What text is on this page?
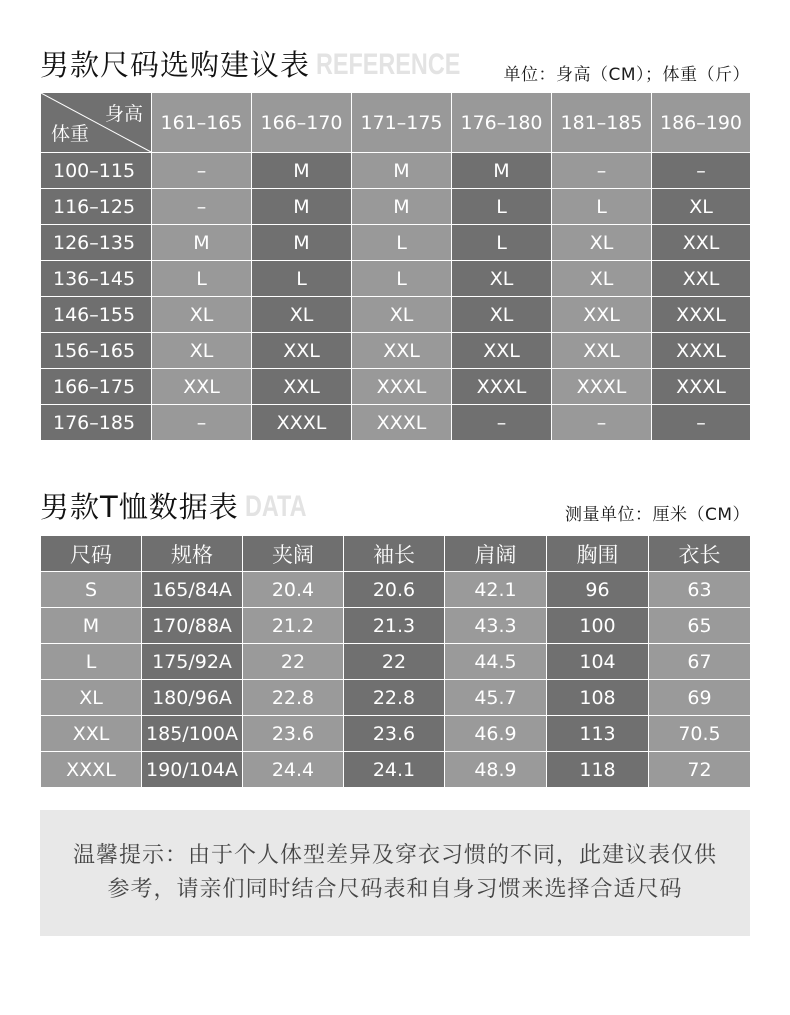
男款尺码选购建议表 REFERENCE	单位：身高（CM）；体重（斤）
身高
体重	161–165	166–170	171–175	176–180	181–185	186–190
100–115	–	M	M	M	–	–
116–125	–	M	M	L	L	XL
126–135	M	M	L	L	XL	XXL
136–145	L	L	L	XL	XL	XXL
146–155	XL	XL	XL	XL	XXL	XXXL
156–165	XL	XXL	XXL	XXL	XXL	XXXL
166–175	XXL	XXL	XXXL	XXXL	XXXL	XXXL
176–185	–	XXXL	XXXL	–	–	–
男款T恤数据表 DATA	测量单位：厘米（CM）
尺码	规格	夹阔	袖长	肩阔	胸围	衣长
S	165/84A	20.4	20.6	42.1	96	63
M	170/88A	21.2	21.3	43.3	100	65
L	175/92A	22	22	44.5	104	67
XL	180/96A	22.8	22.8	45.7	108	69
XXL	185/100A	23.6	23.6	46.9	113	70.5
XXXL	190/104A	24.4	24.1	48.9	118	72

温馨提示：由于个人体型差异及穿衣习惯的不同，此建议表仅供
参考，请亲们同时结合尺码表和自身习惯来选择合适尺码
